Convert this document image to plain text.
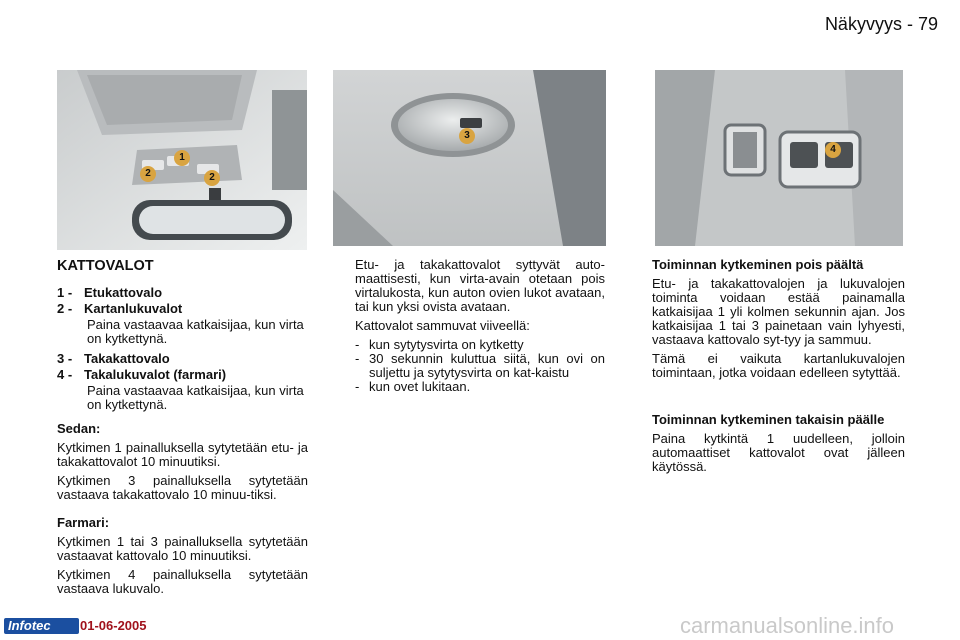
Näkyvyys - 79
1
2	2
3
4
KATTOVALOT
1 - Etukattovalo
2 - Kartanlukuvalot
Paina vastaavaa katkaisijaa, kun virta on kytkettynä.
3 - Takakattovalo
4 - Takalukuvalot (farmari)
Paina vastaavaa katkaisijaa, kun virta on kytkettynä.
Sedan:
Kytkimen 1 painalluksella sytytetään etu- ja takakattovalot 10 minuutiksi.
Kytkimen 3 painalluksella sytytetään vastaava takakattovalo 10 minuu-tiksi.
Farmari:
Kytkimen 1 tai 3 painalluksella sytytetään vastaavat kattovalo 10 minuutiksi.
Kytkimen 4 painalluksella sytytetään vastaava lukuvalo.
Etu- ja takakattovalot syttyvät auto-maattisesti, kun virta-avain otetaan pois virtalukosta, kun auton ovien lukot avataan, tai kun yksi ovista avataan.
Kattovalot sammuvat viiveellä:
- kun sytytysvirta on kytketty
- 30 sekunnin kuluttua siitä, kun ovi on suljettu ja sytytysvirta on kat-kaistu
- kun ovet lukitaan.
Toiminnan kytkeminen pois päältä
Etu- ja takakattovalojen ja lukuvalojen toiminta voidaan estää painamalla katkaisijaa 1 yli kolmen sekunnin ajan. Jos katkaisijaa 1 tai 3 painetaan vain lyhyesti, vastaava kattovalo syt-tyy ja sammuu.
Tämä ei vaikuta kartanlukuvalojen toimintaan, jotka voidaan edelleen sytyttää.
Toiminnan kytkeminen takaisin päälle
Paina kytkintä 1 uudelleen, jolloin automaattiset kattovalot ovat jälleen käytössä.
Infotec	01-06-2005	carmanualsonline.info
